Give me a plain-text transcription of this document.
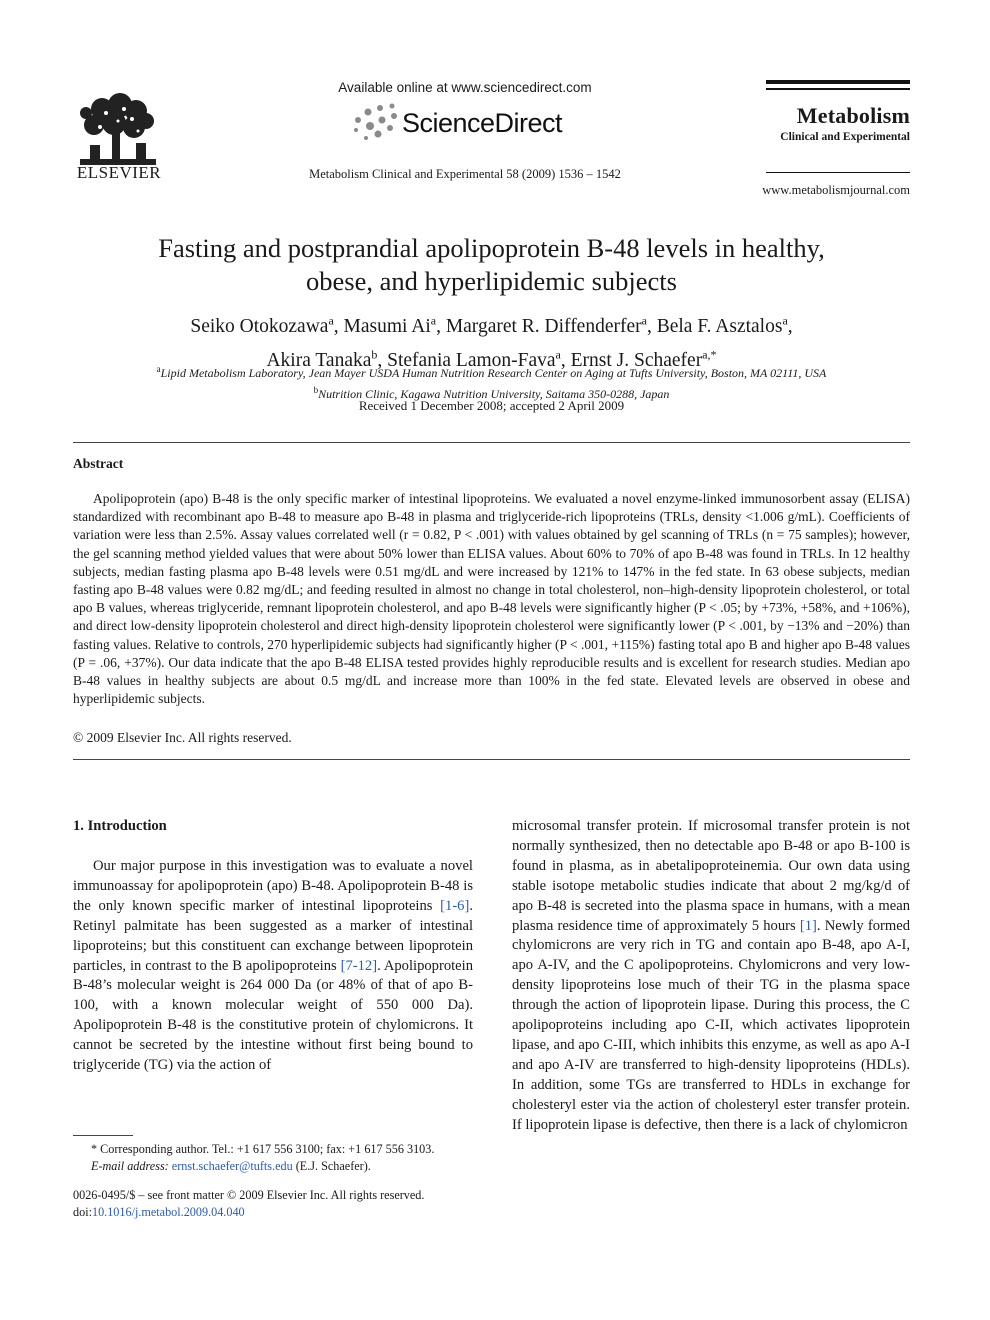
ELSEVIER
Available online at www.sciencedirect.com
ScienceDirect
Metabolism Clinical and Experimental 58 (2009) 1536 – 1542
Metabolism
Clinical and Experimental
www.metabolismjournal.com
Fasting and postprandial apolipoprotein B-48 levels in healthy,
obese, and hyperlipidemic subjects
Seiko Otokozawa$^a$, Masumi Ai$^a$, Margaret R. Diffenderfer$^a$, Bela F. Asztalos$^a$,
Akira Tanaka$^b$, Stefania Lamon-Fava$^a$, Ernst J. Schaefer$^{a,*}$
$^a$Lipid Metabolism Laboratory, Jean Mayer USDA Human Nutrition Research Center on Aging at Tufts University, Boston, MA 02111, USA
$^b$Nutrition Clinic, Kagawa Nutrition University, Saitama 350-0288, Japan
Received 1 December 2008; accepted 2 April 2009
Abstract

Apolipoprotein (apo) B-48 is the only specific marker of intestinal lipoproteins. We evaluated a novel enzyme-linked immunosorbent assay (ELISA) standardized with recombinant apo B-48 to measure apo B-48 in plasma and triglyceride-rich lipoproteins (TRLs, density <1.006 g/mL). Coefficients of variation were less than 2.5%. Assay values correlated well (r = 0.82, P < .001) with values obtained by gel scanning of TRLs (n = 75 samples); however, the gel scanning method yielded values that were about 50% lower than ELISA values. About 60% to 70% of apo B-48 was found in TRLs. In 12 healthy subjects, median fasting plasma apo B-48 levels were 0.51 mg/dL and were increased by 121% to 147% in the fed state. In 63 obese subjects, median fasting apo B-48 values were 0.82 mg/dL; and feeding resulted in almost no change in total cholesterol, non–high-density lipoprotein cholesterol, or total apo B values, whereas triglyceride, remnant lipoprotein cholesterol, and apo B-48 levels were significantly higher (P < .05; by +73%, +58%, and +106%), and direct low-density lipoprotein cholesterol and direct high-density lipoprotein cholesterol were significantly lower (P < .001, by −13% and −20%) than fasting values. Relative to controls, 270 hyperlipidemic subjects had significantly higher (P < .001, +115%) fasting total apo B and higher apo B-48 values (P = .06, +37%). Our data indicate that the apo B-48 ELISA tested provides highly reproducible results and is excellent for research studies. Median apo B-48 values in healthy subjects are about 0.5 mg/dL and increase more than 100% in the fed state. Elevated levels are observed in obese and hyperlipidemic subjects.

© 2009 Elsevier Inc. All rights reserved.
1. Introduction

Our major purpose in this investigation was to evaluate a novel immunoassay for apolipoprotein (apo) B-48. Apolipoprotein B-48 is the only known specific marker of intestinal lipoproteins [1-6]. Retinyl palmitate has been suggested as a marker of intestinal lipoproteins; but this constituent can exchange between lipoprotein particles, in contrast to the B apolipoproteins [7-12]. Apolipoprotein B-48’s molecular weight is 264 000 Da (or 48% of that of apo B-100, with a known molecular weight of 550 000 Da). Apolipoprotein B-48 is the constitutive protein of chylomicrons. It cannot be secreted by the intestine without first being bound to triglyceride (TG) via the action of

microsomal transfer protein. If microsomal transfer protein is not normally synthesized, then no detectable apo B-48 or apo B-100 is found in plasma, as in abetalipoproteinemia. Our own data using stable isotope metabolic studies indicate that about 2 mg/kg/d of apo B-48 is secreted into the plasma space in humans, with a mean plasma residence time of approximately 5 hours [1]. Newly formed chylomicrons are very rich in TG and contain apo B-48, apo A-I, apo A-IV, and the C apolipoproteins. Chylomicrons and very low-density lipoproteins lose much of their TG in the plasma space through the action of lipoprotein lipase. During this process, the C apolipoproteins including apo C-II, which activates lipoprotein lipase, and apo C-III, which inhibits this enzyme, as well as apo A-I and apo A-IV are transferred to high-density lipoproteins (HDLs). In addition, some TGs are transferred to HDLs in exchange for cholesteryl ester via the action of cholesteryl ester transfer protein. If lipoprotein lipase is defective, then there is a lack of chylomicron

* Corresponding author. Tel.: +1 617 556 3100; fax: +1 617 556 3103.
E-mail address: ernst.schaefer@tufts.edu (E.J. Schaefer).
0026-0495/$ – see front matter © 2009 Elsevier Inc. All rights reserved.
doi:10.1016/j.metabol.2009.04.040
